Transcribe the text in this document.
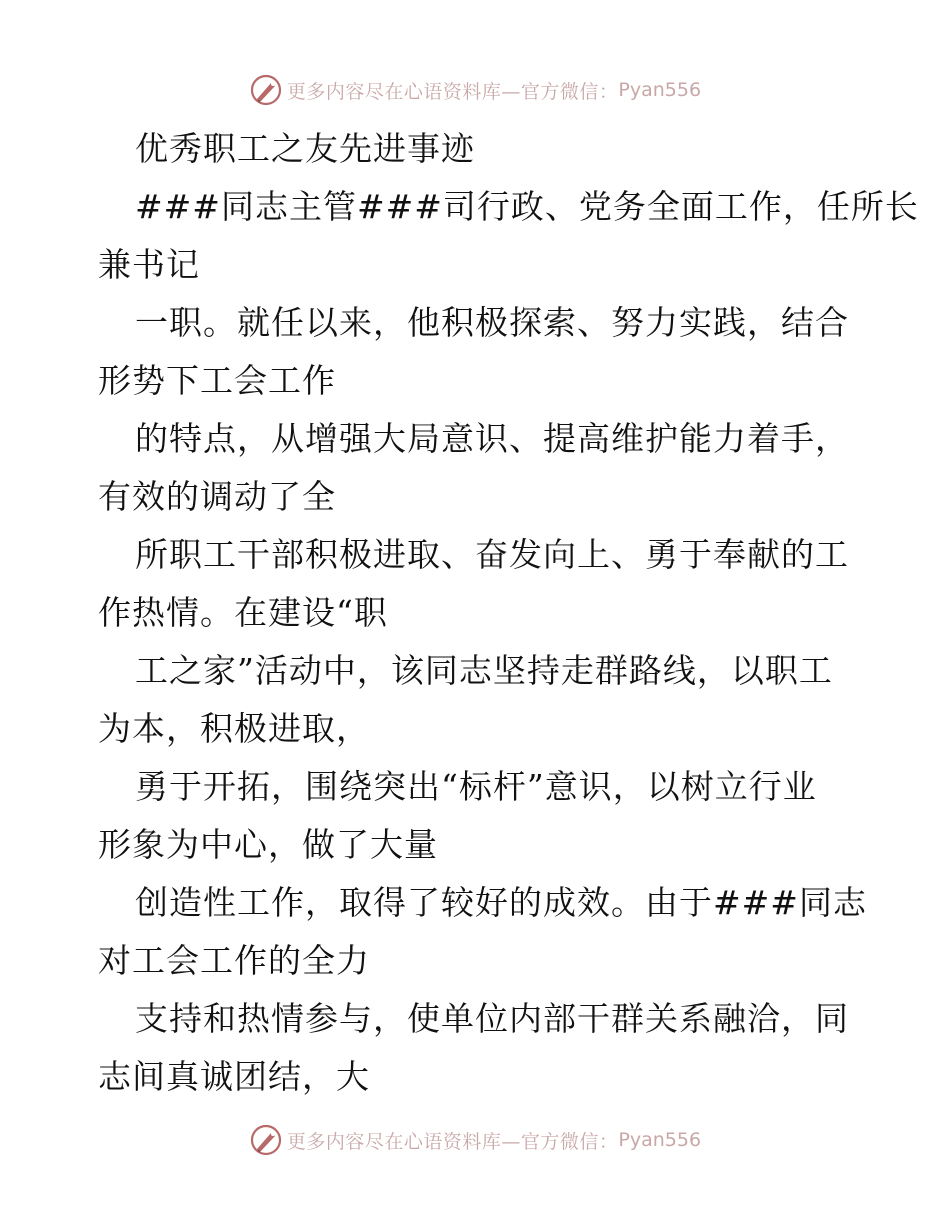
更多内容尽在心语资料库—官方微信： Pyan556
优秀职工之友先进事迹
###同志主管###司行政、党务全面工作，任所长
兼书记
一职。就任以来，他积极探索、努力实践，结合
形势下工会工作
的特点，从增强大局意识、提高维护能力着手，
有效的调动了全
所职工干部积极进取、奋发向上、勇于奉献的工
作热情。在建设“职
工之家”活动中，该同志坚持走群路线，以职工
为本，积极进取，
勇于开拓，围绕突出“标杆”意识，以树立行业
形象为中心，做了大量
创造性工作，取得了较好的成效。由于###同志
对工会工作的全力
支持和热情参与，使单位内部干群关系融洽，同
志间真诚团结，大
更多内容尽在心语资料库—官方微信： Pyan556
